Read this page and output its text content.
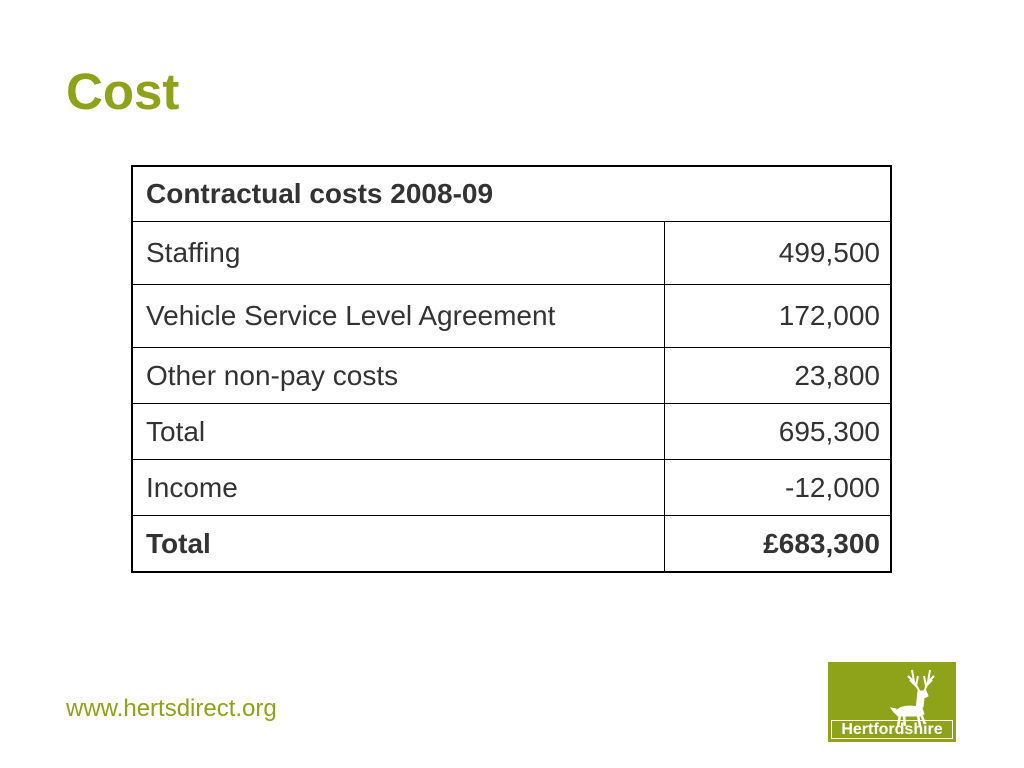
Cost
Contractual costs 2008-09	
Staffing	499,500
Vehicle Service Level Agreement	172,000
Other non-pay costs	23,800
Total	695,300
Income	-12,000
Total	£683,300
www.hertsdirect.org
Hertfordshire
